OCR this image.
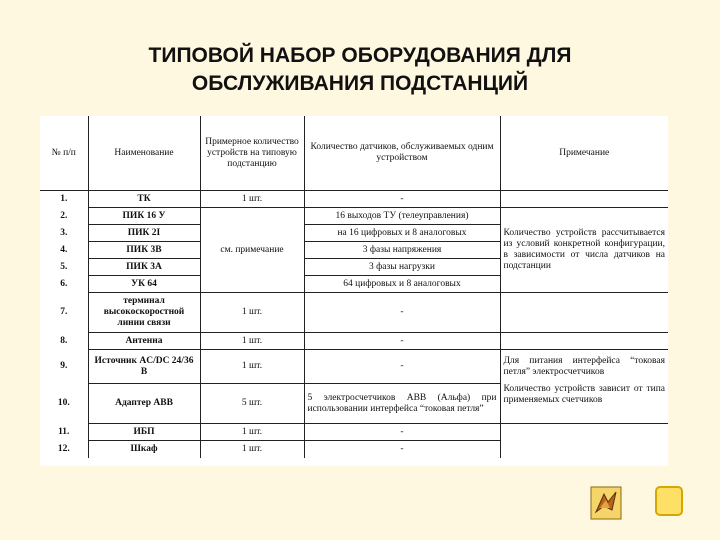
ТИПОВОЙ НАБОР ОБОРУДОВАНИЯ ДЛЯ
ОБСЛУЖИВАНИЯ ПОДСТАНЦИЙ
№ п/п	Наименование	Примерное количество устройств на типовую подстанцию	Количество датчиков, обслуживаемых одним устройством	Примечание
1.	ТК	1 шт.	-	
2.	ПИК 16 У	см. примечание	16 выходов ТУ (телеуправления)	Количество устройств рассчитывается из условий конкретной конфигурации, в зависимости от числа датчиков на подстанции
3.	ПИК 2I		на 16 цифровых и 8 аналоговых	
4.	ПИК 3В		3 фазы напряжения	
5.	ПИК 3А		3 фазы нагрузки	
6.	УК 64		64 цифровых и 8 аналоговых	
7.	терминал высокоскоростной линии связи	1 шт.	-	
8.	Антенна	1 шт.	-	
9.	Источник AC/DC 24/36 В	1 шт.	-	Для питания интерфейса “токовая петля” электросчетчиков
10.	Адаптер ABB	5 шт.	5 электросчетчиков ABB (Альфа) при использовании интерфейса “токовая петля”	Количество устройств зависит от типа применяемых счетчиков
11.	ИБП	1 шт.	-	
12.	Шкаф	1 шт.	-	
